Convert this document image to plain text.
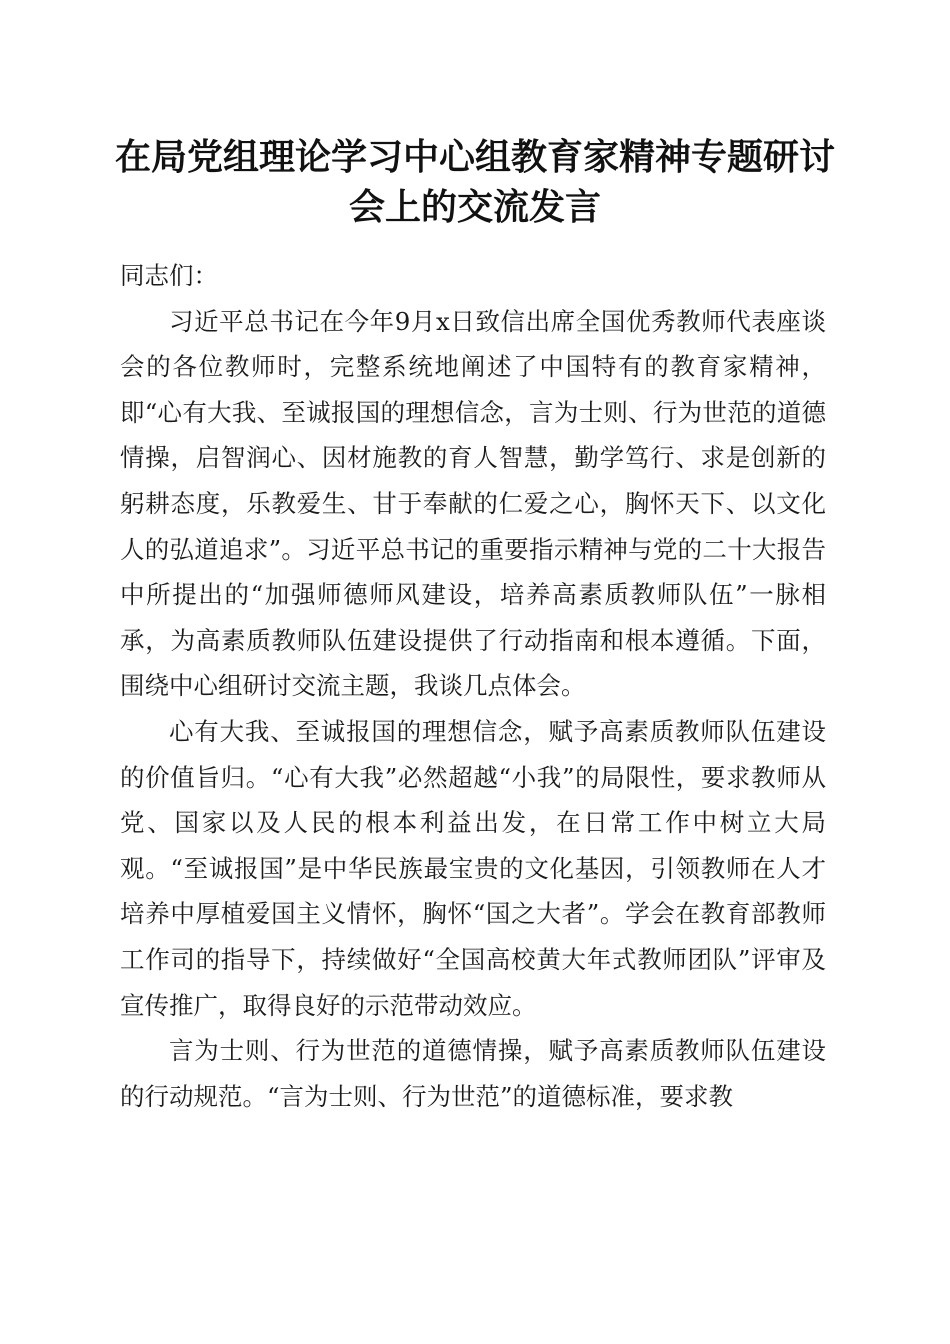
在局党组理论学习中心组教育家精神专题研讨
会上的交流发言

同志们：

习近平总书记在今年9月x日致信出席全国优秀教师代表座谈会的各位教师时，完整系统地阐述了中国特有的教育家精神，即“心有大我、至诚报国的理想信念，言为士则、行为世范的道德情操，启智润心、因材施教的育人智慧，勤学笃行、求是创新的躬耕态度，乐教爱生、甘于奉献的仁爱之心，胸怀天下、以文化人的弘道追求”。习近平总书记的重要指示精神与党的二十大报告中所提出的“加强师德师风建设，培养高素质教师队伍”一脉相承，为高素质教师队伍建设提供了行动指南和根本遵循。下面，围绕中心组研讨交流主题，我谈几点体会。

心有大我、至诚报国的理想信念，赋予高素质教师队伍建设的价值旨归。“心有大我”必然超越“小我”的局限性，要求教师从党、国家以及人民的根本利益出发，在日常工作中树立大局观。“至诚报国”是中华民族最宝贵的文化基因，引领教师在人才培养中厚植爱国主义情怀，胸怀“国之大者”。学会在教育部教师工作司的指导下，持续做好“全国高校黄大年式教师团队”评审及宣传推广，取得良好的示范带动效应。

言为士则、行为世范的道德情操，赋予高素质教师队伍建设的行动规范。“言为士则、行为世范”的道德标准，要求教
